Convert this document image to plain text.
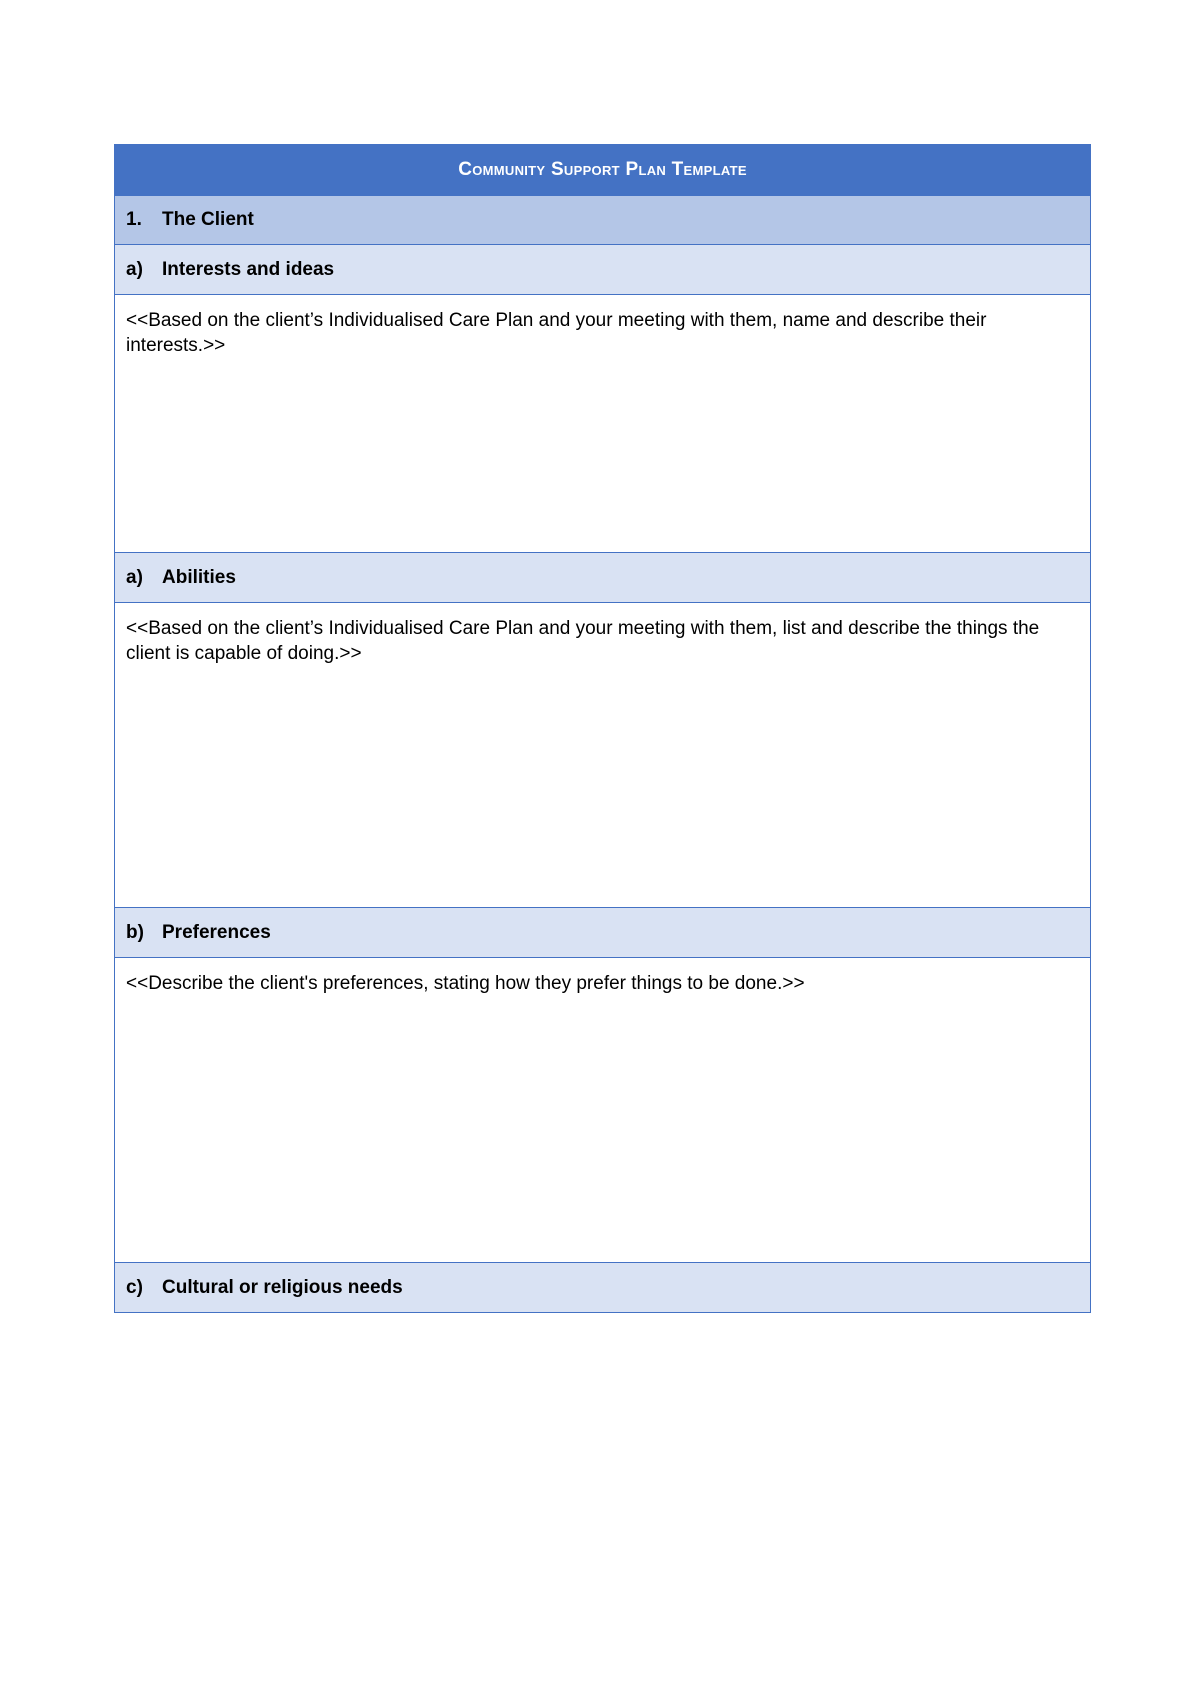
Community Support Plan Template
1.	The Client
a)	Interests and ideas
<<Based on the client’s Individualised Care Plan and your meeting with them, name and describe their interests.>>
a)	Abilities
<<Based on the client’s Individualised Care Plan and your meeting with them, list and describe the things the client is capable of doing.>>
b) Preferences
<<Describe the client's preferences, stating how they prefer things to be done.>>
c)	Cultural or religious needs
